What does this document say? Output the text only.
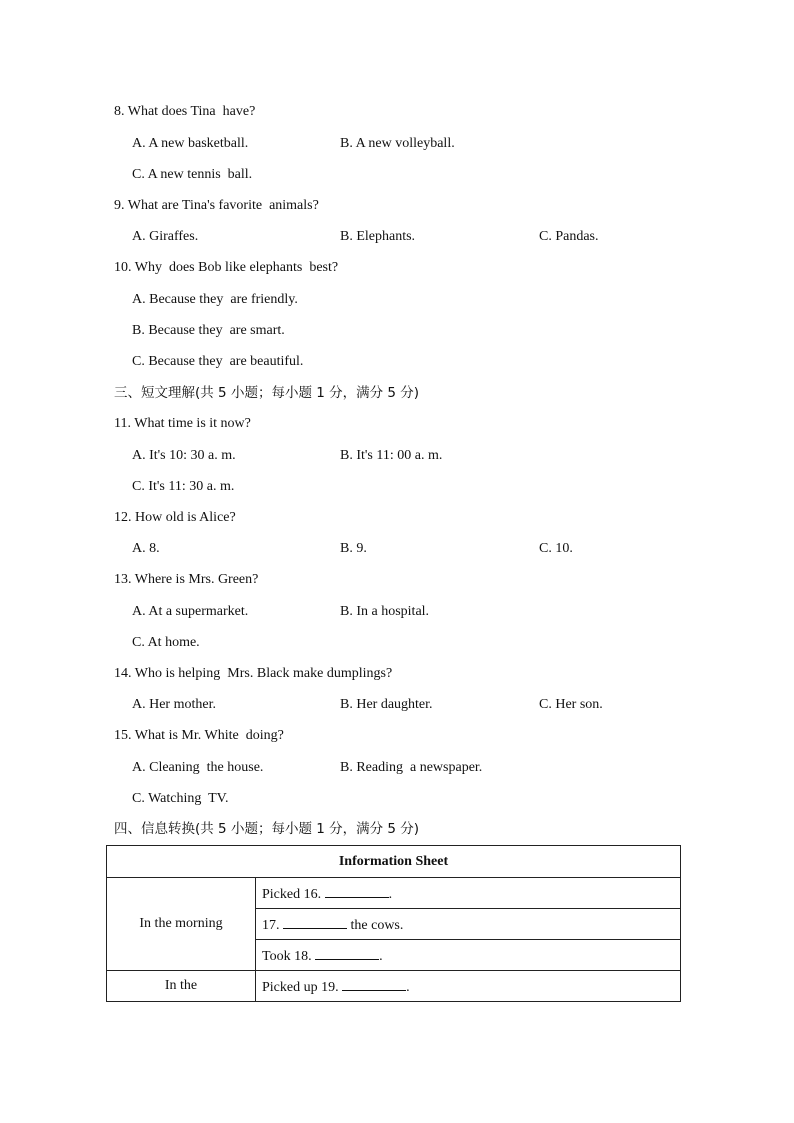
8. What does Tina  have?
A. A new basketball.	B. A new volleyball.
C. A new tennis  ball.
9. What are Tina's favorite  animals?
A. Giraffes.	B. Elephants.	C. Pandas.
10. Why  does Bob like elephants  best?
A. Because they  are friendly.
B. Because they  are smart.
C. Because they  are beautiful.
三、短文理解(共 5 小题；每小题 1 分，满分 5 分)
11. What time is it now?
A. It's 10: 30 a. m.	B. It's 11: 00 a. m.
C. It's 11: 30 a. m.
12. How old is Alice?
A. 8.	B. 9.	C. 10.
13. Where is Mrs. Green?
A. At a supermarket.	B. In a hospital.
C. At home.
14. Who is helping  Mrs. Black make dumplings?
A. Her mother.	B. Her daughter.	C. Her son.
15. What is Mr. White  doing?
A. Cleaning  the house.	B. Reading  a newspaper.
C. Watching  TV.
四、信息转换(共 5 小题；每小题 1 分，满分 5 分)
Information Sheet	
In the morning	Picked 16. .
	17. the cows.
	Took 18. .
In the	Picked up 19. .
